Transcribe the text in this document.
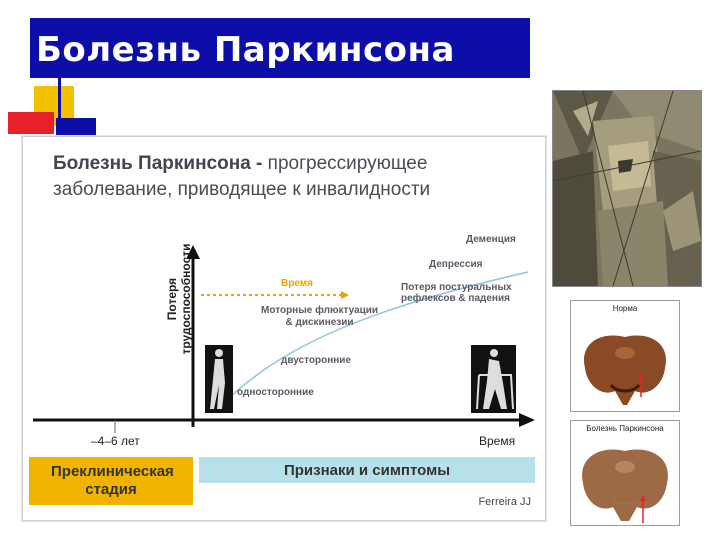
Болезнь Паркинсона

Болезнь Паркинсона - прогрессирующее заболевание, приводящее к инвалидности

Потеря трудоспособности	Время
Деменция
Депрессия
Потеря постуральных
рефлексов & падения
Моторные флюктуации
& дискинезии
двусторонние
односторонние
–4–6 лет	Время
Преклиническая стадия
Признаки и симптомы
Ferreira JJ
Норма
Болезнь Паркинсона
